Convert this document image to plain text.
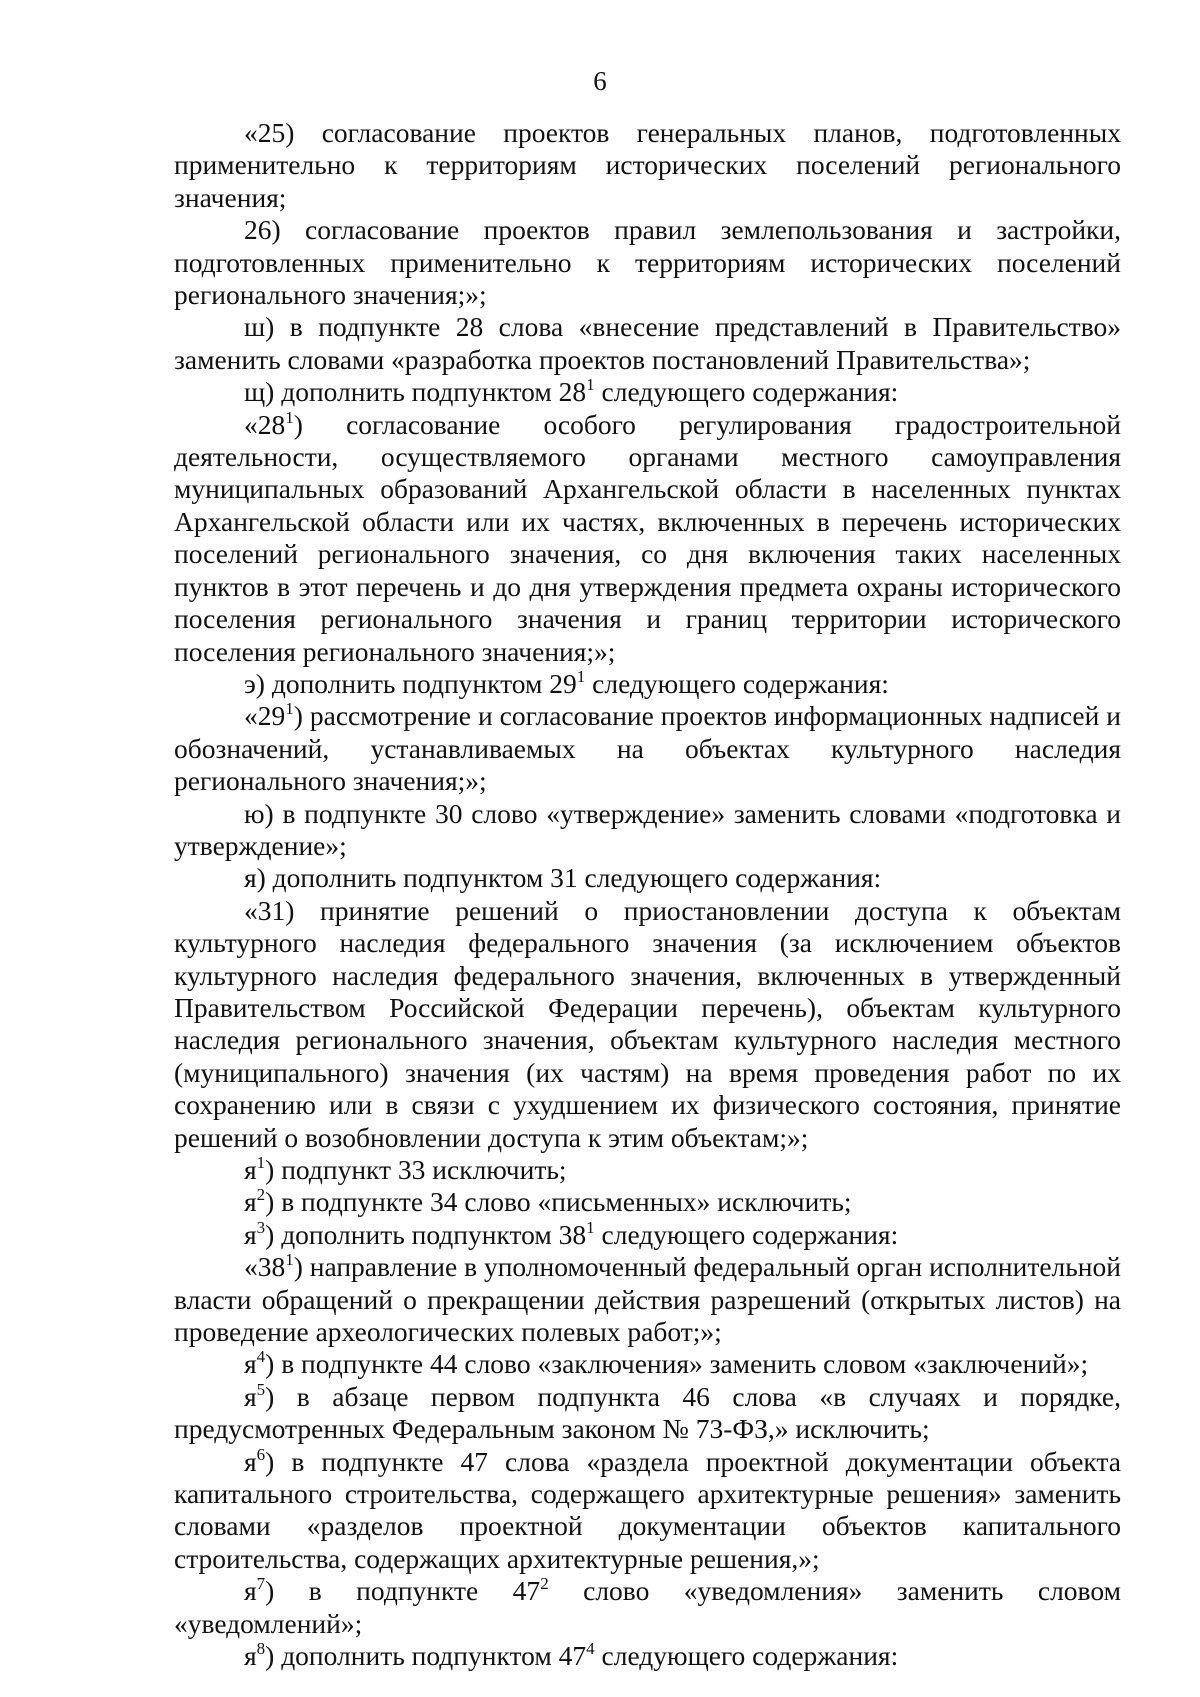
6

«25) согласование проектов генеральных планов, подготовленных применительно к территориям исторических поселений регионального значения;

26) согласование проектов правил землепользования и застройки, подготовленных применительно к территориям исторических поселений регионального значения;»;

ш) в подпункте 28 слова «внесение представлений в Правительство» заменить словами «разработка проектов постановлений Правительства»;

щ) дополнить подпунктом $28^1$ следующего содержания:

«$28^1$) согласование особого регулирования градостроительной деятельности, осуществляемого органами местного самоуправления муниципальных образований Архангельской области в населенных пунктах Архангельской области или их частях, включенных в перечень исторических поселений регионального значения, со дня включения таких населенных пунктов в этот перечень и до дня утверждения предмета охраны исторического поселения регионального значения и границ территории исторического поселения регионального значения;»;

э) дополнить подпунктом $29^1$ следующего содержания:

«$29^1$) рассмотрение и согласование проектов информационных надписей и обозначений, устанавливаемых на объектах культурного наследия регионального значения;»;

ю) в подпункте 30 слово «утверждение» заменить словами «подготовка и утверждение»;

я) дополнить подпунктом 31 следующего содержания:

«31) принятие решений о приостановлении доступа к объектам культурного наследия федерального значения (за исключением объектов культурного наследия федерального значения, включенных в утвержденный Правительством Российской Федерации перечень), объектам культурного наследия регионального значения, объектам культурного наследия местного (муниципального) значения (их частям) на время проведения работ по их сохранению или в связи с ухудшением их физического состояния, принятие решений о возобновлении доступа к этим объектам;»;

$я^1$) подпункт 33 исключить;

$я^2$) в подпункте 34 слово «письменных» исключить;

$я^3$) дополнить подпунктом $38^1$ следующего содержания:

«$38^1$) направление в уполномоченный федеральный орган исполнительной власти обращений о прекращении действия разрешений (открытых листов) на проведение археологических полевых работ;»;

$я^4$) в подпункте 44 слово «заключения» заменить словом «заключений»;

$я^5$) в абзаце первом подпункта 46 слова «в случаях и порядке, предусмотренных Федеральным законом № 73-ФЗ,» исключить;

$я^6$) в подпункте 47 слова «раздела проектной документации объекта капитального строительства, содержащего архитектурные решения» заменить словами «разделов проектной документации объектов капитального строительства, содержащих архитектурные решения,»;

$я^7$) в подпункте $47^2$ слово «уведомления» заменить словом «уведомлений»;

$я^8$) дополнить подпунктом $47^4$ следующего содержания:
